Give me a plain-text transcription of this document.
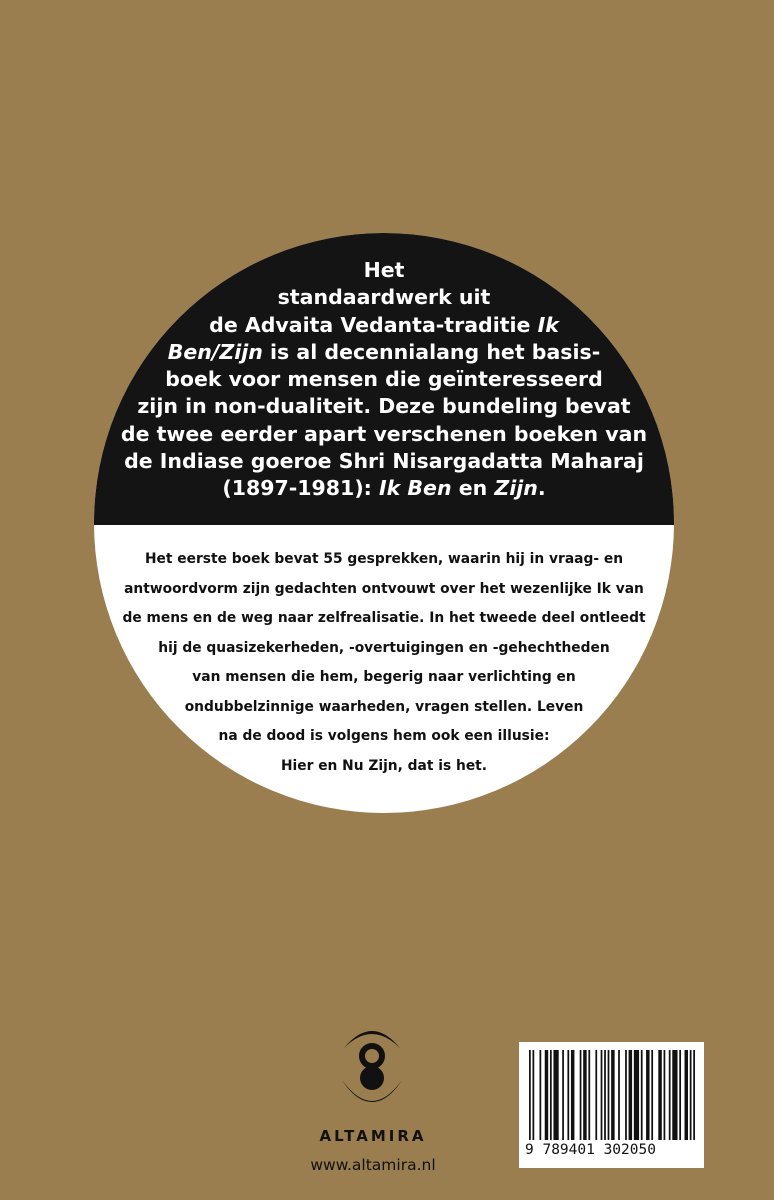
Het
standaardwerk uit
de Advaita Vedanta-traditie Ik
Ben/Zijn is al decennialang het basis-
boek voor mensen die geïnteresseerd
zijn in non-dualiteit. Deze bundeling bevat
de twee eerder apart verschenen boeken van
de Indiase goeroe Shri Nisargadatta Maharaj
(1897-1981): Ik Ben en Zijn.

Het eerste boek bevat 55 gesprekken, waarin hij in vraag- en
antwoordvorm zijn gedachten ontvouwt over het wezenlijke Ik van
de mens en de weg naar zelfrealisatie. In het tweede deel ontleedt
hij de quasizekerheden, -overtuigingen en -gehechtheden
van mensen die hem, begerig naar verlichting en
ondubbelzinnige waarheden, vragen stellen. Leven
na de dood is volgens hem ook een illusie:
Hier en Nu Zijn, dat is het.

ALTAMIRA
www.altamira.nl
9 789401 302050
